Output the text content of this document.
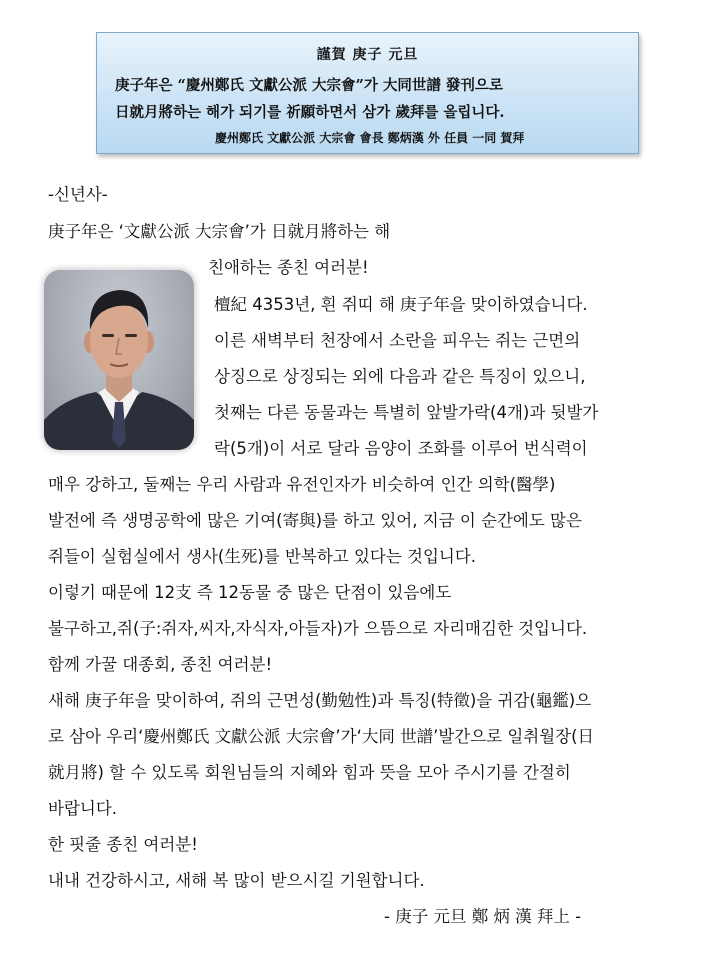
謹賀 庚子 元旦
庚子年은 “慶州鄭氏 文獻公派 大宗會”가 大同世譜 發刊으로
日就月將하는 해가 되기를 祈願하면서 삼가 歲拜를 올립니다.
慶州鄭氏 文獻公派 大宗會 會長 鄭炳漢 外 任員 一同 賀拜
-신년사-
庚子年은 ‘文獻公派 大宗會’가 日就月將하는 해
친애하는 종친 여러분!
檀紀 4353년, 흰 쥐띠 해 庚子年을 맞이하였습니다.
이른 새벽부터 천장에서 소란을 피우는 쥐는 근면의
상징으로 상징되는 외에 다음과 같은 특징이 있으니,
첫째는 다른 동물과는 특별히 앞발가락(4개)과 뒷발가
락(5개)이 서로 달라 음양이 조화를 이루어 번식력이
매우 강하고, 둘째는 우리 사람과 유전인자가 비슷하여 인간 의학(醫學)
발전에 즉 생명공학에 많은 기여(寄與)를 하고 있어, 지금 이 순간에도 많은
쥐들이 실험실에서 생사(生死)를 반복하고 있다는 것입니다.
이렇기 때문에 12支 즉 12동물 중 많은 단점이 있음에도
불구하고,쥐(子:쥐자,씨자,자식자,아들자)가 으뜸으로 자리매김한 것입니다.
함께 가꿀 대종회, 종친 여러분!
새해 庚子年을 맞이하여, 쥐의 근면성(勤勉性)과 특징(特徵)을 귀감(龜鑑)으
로 삼아 우리‘慶州鄭氏 文獻公派 大宗會’가‘大同 世譜’발간으로 일취월장(日
就月將) 할 수 있도록 회원님들의 지혜와 힘과 뜻을 모아 주시기를 간절히
바랍니다.
한 핏줄 종친 여러분!
내내 건강하시고, 새해 복 많이 받으시길 기원합니다.
- 庚子 元旦 鄭 炳 漢 拜上 -
